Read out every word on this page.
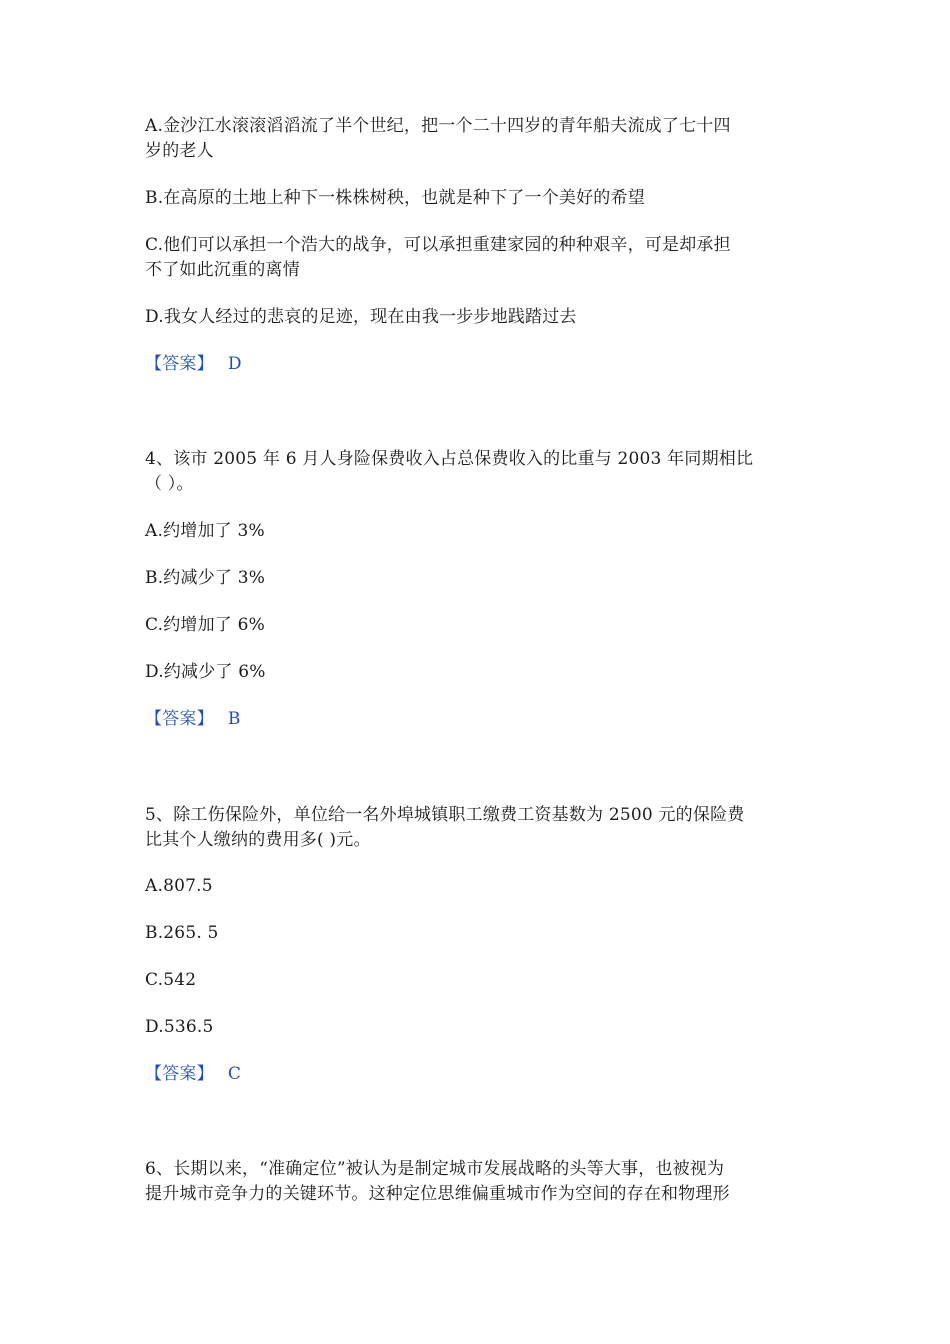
A.金沙江水滚滚滔滔流了半个世纪，把一个二十四岁的青年船夫流成了七十四
岁的老人
B.在高原的土地上种下一株株树秧，也就是种下了一个美好的希望
C.他们可以承担一个浩大的战争，可以承担重建家园的种种艰辛，可是却承担
不了如此沉重的离情
D.我女人经过的悲哀的足迹，现在由我一步步地践踏过去
【答案】 D
4、该市 2005 年 6 月人身险保费收入占总保费收入的比重与 2003 年同期相比
（ ）。
A.约增加了 3%
B.约减少了 3%
C.约增加了 6%
D.约减少了 6%
【答案】 B
5、除工伤保险外，单位给一名外埠城镇职工缴费工资基数为 2500 元的保险费
比其个人缴纳的费用多( )元。
A.807.5
B.265. 5
C.542
D.536.5
【答案】 C
6、长期以来，“准确定位”被认为是制定城市发展战略的头等大事，也被视为
提升城市竞争力的关键环节。这种定位思维偏重城市作为空间的存在和物理形
